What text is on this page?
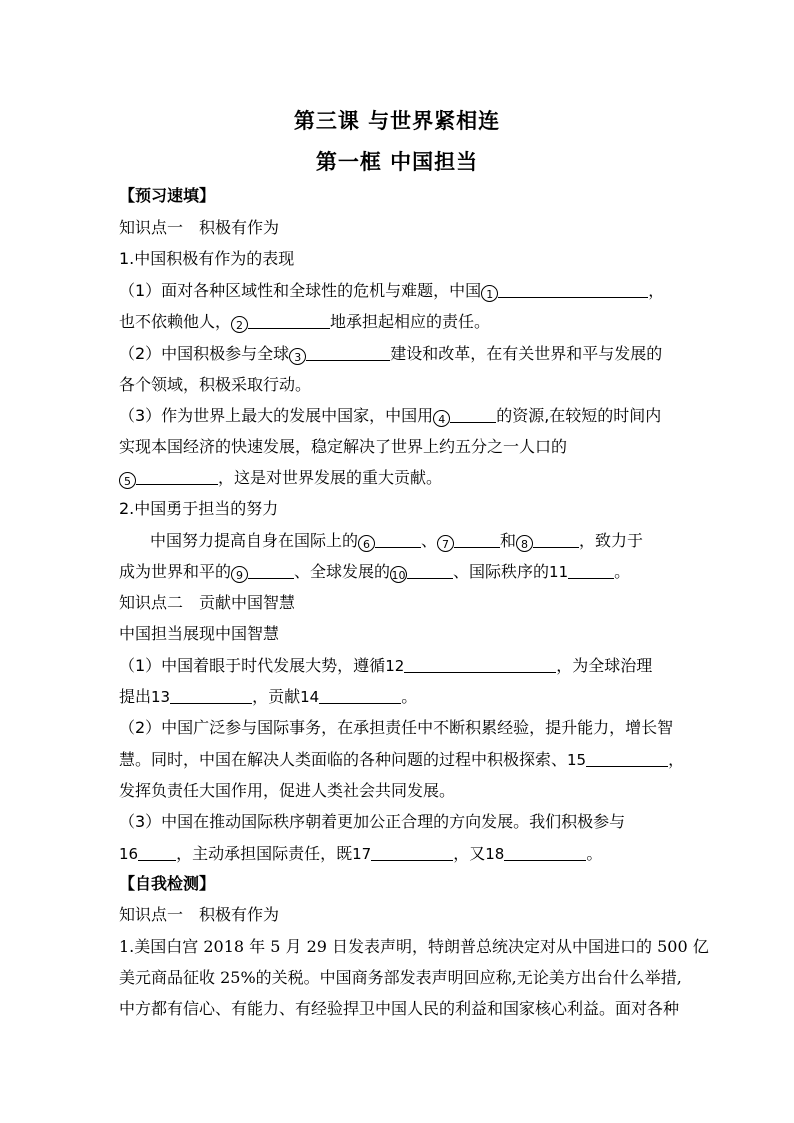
第三课 与世界紧相连
第一框 中国担当
【预习速填】
知识点一　积极有作为
1.中国积极有作为的表现
（1）面对各种区域性和全球性的危机与难题，中国 1	，
也不依赖他人， 2	地承担起相应的责任。
（2）中国积极参与全球 3	建设和改革，在有关世界和平与发展的
各个领域，积极采取行动。
（3）作为世界上最大的发展中国家，中国用 4	的资源,在较短的时间内
实现本国经济的快速发展，稳定解决了世界上约五分之一人口的
5	，这是对世界发展的重大贡献。
2.中国勇于担当的努力
中国努力提高自身在国际上的 6	、 7	和 8	，致力于
成为世界和平的 9	、全球发展的 10	、国际秩序的11	。
知识点二　贡献中国智慧
中国担当展现中国智慧
（1）中国着眼于时代发展大势，遵循12	，为全球治理
提出13	，贡献14	。
（2）中国广泛参与国际事务，在承担责任中不断积累经验，提升能力，增长智
慧。同时，中国在解决人类面临的各种问题的过程中积极探索、15	，
发挥负责任大国作用，促进人类社会共同发展。
（3）中国在推动国际秩序朝着更加公正合理的方向发展。我们积极参与
16 ，主动承担国际责任，既17	，又18	。
【自我检测】
知识点一　积极有作为
1.美国白宫 2018 年 5 月 29 日发表声明，特朗普总统决定对从中国进口的 500 亿
美元商品征收 25%的关税。中国商务部发表声明回应称,无论美方出台什么举措,
中方都有信心、有能力、有经验捍卫中国人民的利益和国家核心利益。面对各种
